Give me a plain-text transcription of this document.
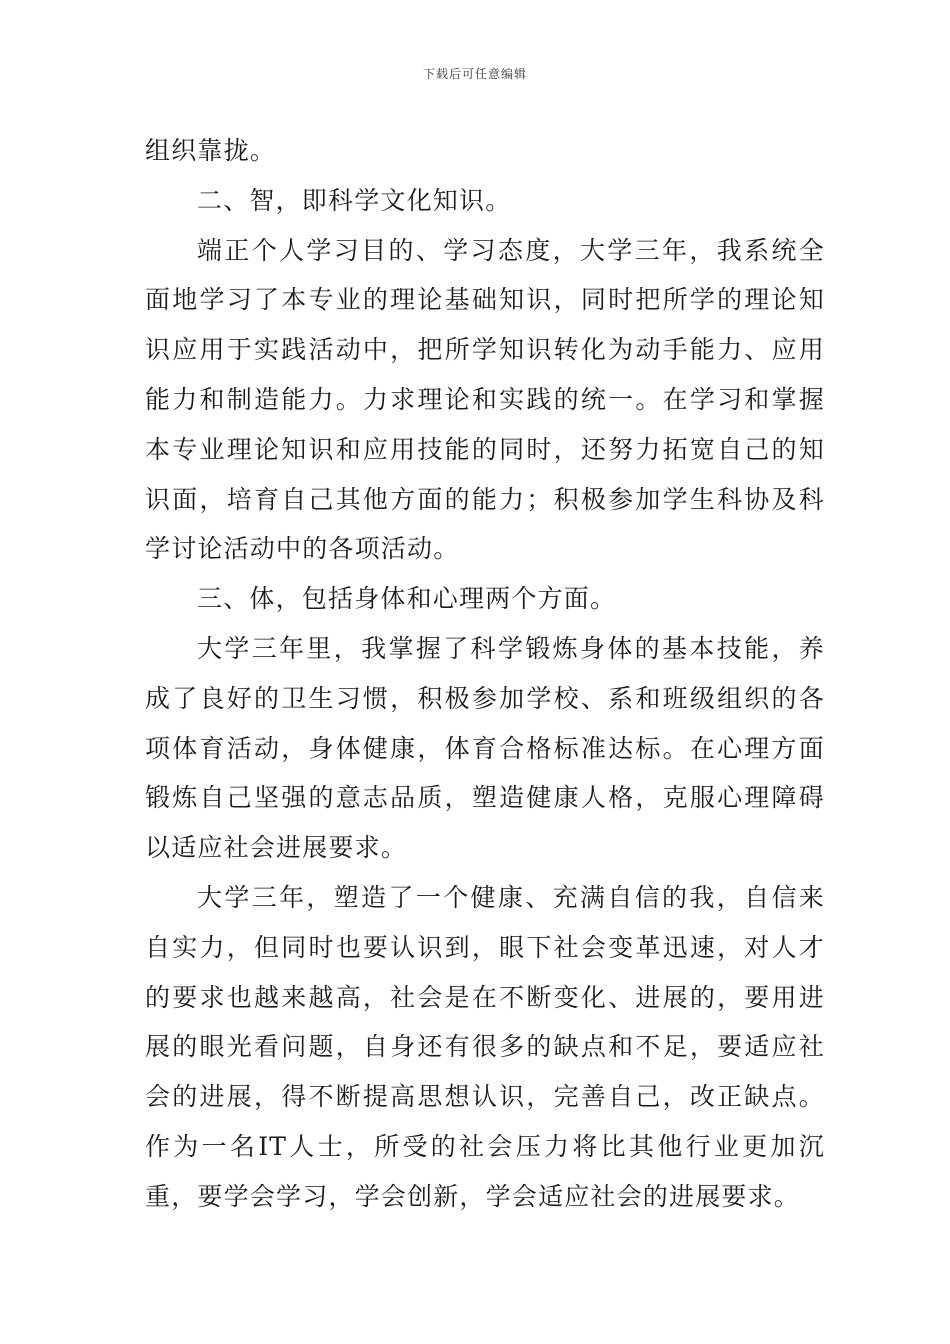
下载后可任意编辑

组织靠拢。

二、智，即科学文化知识。

端正个人学习目的、学习态度，大学三年，我系统全面地学习了本专业的理论基础知识，同时把所学的理论知识应用于实践活动中，把所学知识转化为动手能力、应用能力和制造能力。力求理论和实践的统一。在学习和掌握本专业理论知识和应用技能的同时，还努力拓宽自己的知识面，培育自己其他方面的能力；积极参加学生科协及科学讨论活动中的各项活动。

三、体，包括身体和心理两个方面。

大学三年里，我掌握了科学锻炼身体的基本技能，养成了良好的卫生习惯，积极参加学校、系和班级组织的各项体育活动，身体健康，体育合格标准达标。在心理方面锻炼自己坚强的意志品质，塑造健康人格，克服心理障碍以适应社会进展要求。

大学三年，塑造了一个健康、充满自信的我，自信来自实力，但同时也要认识到，眼下社会变革迅速，对人才的要求也越来越高，社会是在不断变化、进展的，要用进展的眼光看问题，自身还有很多的缺点和不足，要适应社会的进展，得不断提高思想认识，完善自己，改正缺点。作为一名IT人士，所受的社会压力将比其他行业更加沉重，要学会学习，学会创新，学会适应社会的进展要求。
